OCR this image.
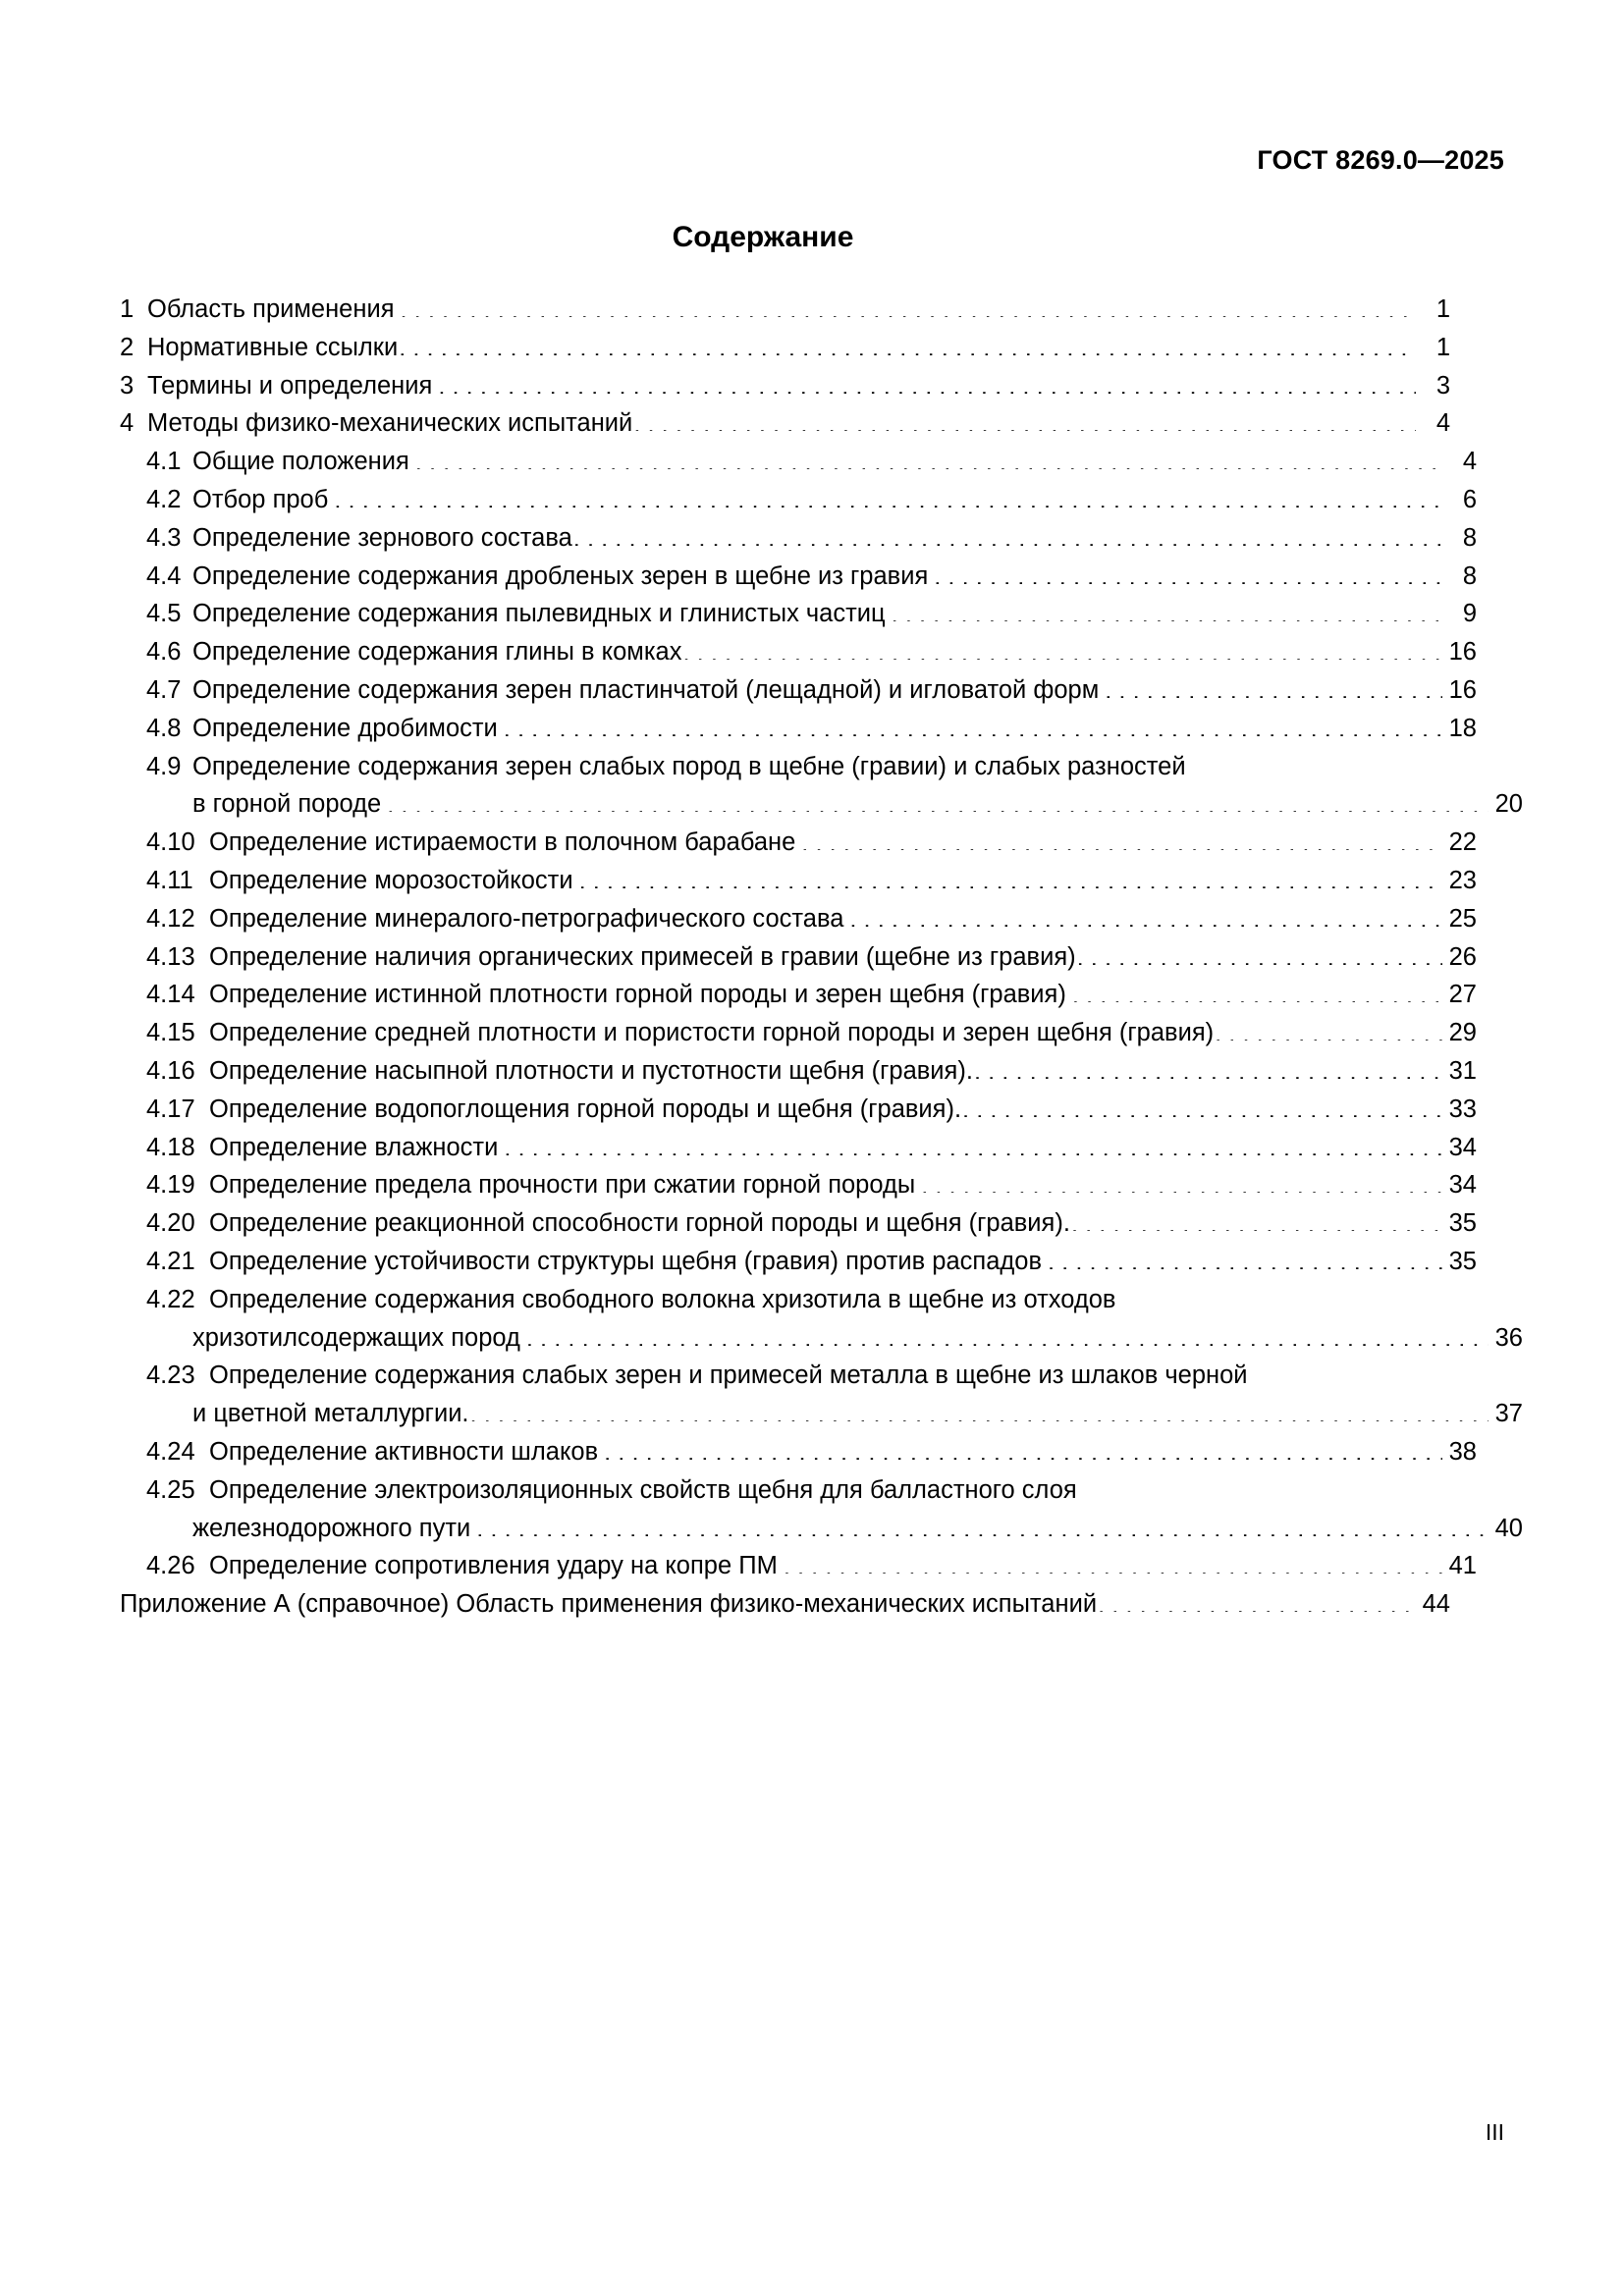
ГОСТ 8269.0—2025
Содержание
1 Область применения . . .	1
2 Нормативные ссылки . . .	1
3 Термины и определения . . .	3
4 Методы физико-механических испытаний . . .	4
4.1 Общие положения . . .	4
4.2 Отбор проб . . .	6
4.3 Определение зернового состава . . .	8
4.4 Определение содержания дробленых зерен в щебне из гравия . . .	8
4.5 Определение содержания пылевидных и глинистых частиц . . .	9
4.6 Определение содержания глины в комках . . .	16
4.7 Определение содержания зерен пластинчатой (лещадной) и игловатой форм . . .	16
4.8 Определение дробимости . . .	18
4.9 Определение содержания зерен слабых пород в щебне (гравии) и слабых разностей
в горной породе . . .	20
4.10 Определение истираемости в полочном барабане . . .	22
4.11 Определение морозостойкости . . .	23
4.12 Определение минералого-петрографического состава . . .	25
4.13 Определение наличия органических примесей в гравии (щебне из гравия) . . .	26
4.14 Определение истинной плотности горной породы и зерен щебня (гравия) . . .	27
4.15 Определение средней плотности и пористости горной породы и зерен щебня (гравия) . . .	29
4.16 Определение насыпной плотности и пустотности щебня (гравия). . . .	31
4.17 Определение водопоглощения горной породы и щебня (гравия). . . .	33
4.18 Определение влажности . . .	34
4.19 Определение предела прочности при сжатии горной породы . . .	34
4.20 Определение реакционной способности горной породы и щебня (гравия). . . .	35
4.21 Определение устойчивости структуры щебня (гравия) против распадов . . .	35
4.22 Определение содержания свободного волокна хризотила в щебне из отходов
хризотилсодержащих пород . . .	36
4.23 Определение содержания слабых зерен и примесей металла в щебне из шлаков черной
и цветной металлургии. . . .	37
4.24 Определение активности шлаков . . .	38
4.25 Определение электроизоляционных свойств щебня для балластного слоя
железнодорожного пути . . .	40
4.26 Определение сопротивления удару на копре ПМ . . .	41
Приложение А (справочное) Область применения физико-механических испытаний . . .	44
III
